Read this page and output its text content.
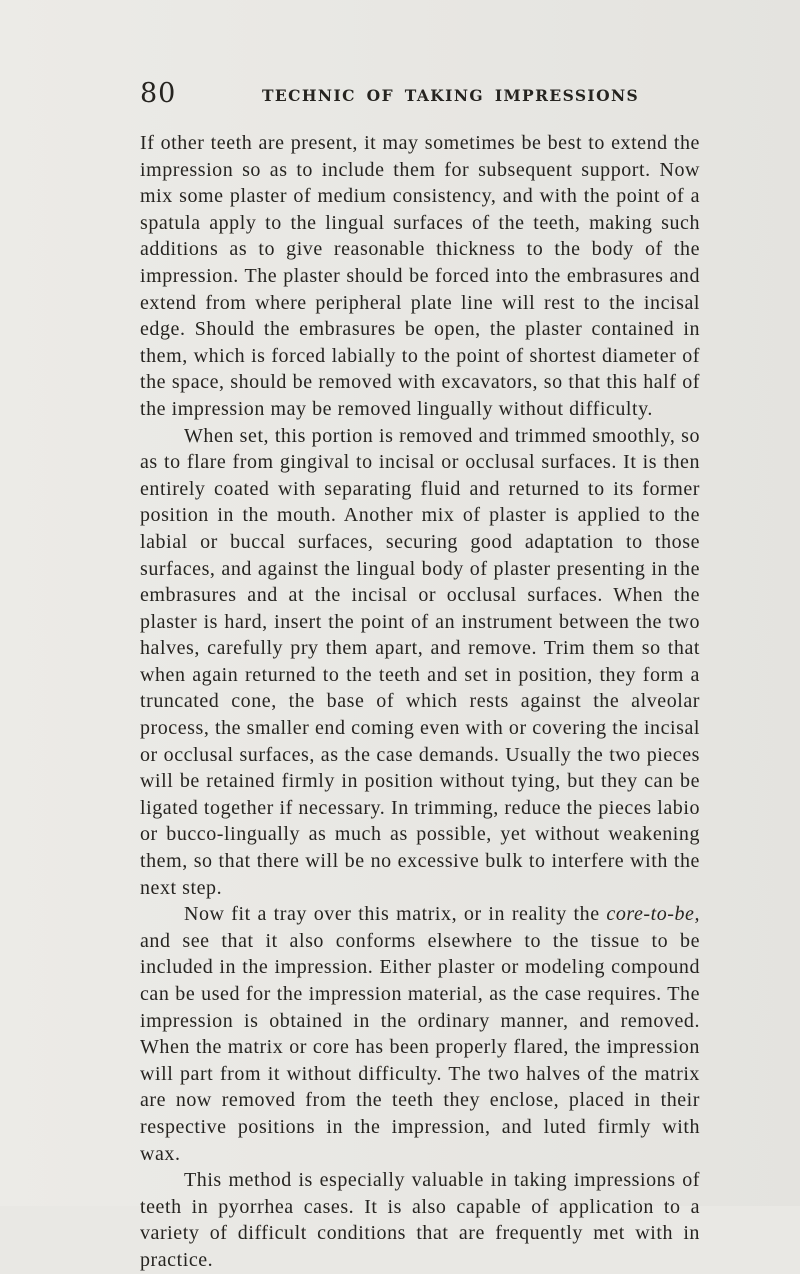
80	TECHNIC OF TAKING IMPRESSIONS

If other teeth are present, it may sometimes be best to extend the impression so as to include them for subsequent support. Now mix some plaster of medium consistency, and with the point of a spatula apply to the lingual surfaces of the teeth, making such additions as to give reasonable thickness to the body of the impression. The plaster should be forced into the embrasures and extend from where peripheral plate line will rest to the incisal edge. Should the embrasures be open, the plaster contained in them, which is forced labially to the point of shortest diameter of the space, should be removed with excavators, so that this half of the impression may be removed lingually without difficulty.

When set, this portion is removed and trimmed smoothly, so as to flare from gingival to incisal or occlusal surfaces. It is then entirely coated with separating fluid and returned to its former position in the mouth. Another mix of plaster is applied to the labial or buccal surfaces, securing good adaptation to those surfaces, and against the lingual body of plaster presenting in the embrasures and at the incisal or occlusal surfaces. When the plaster is hard, insert the point of an instrument between the two halves, carefully pry them apart, and remove. Trim them so that when again returned to the teeth and set in position, they form a truncated cone, the base of which rests against the alveolar process, the smaller end coming even with or covering the incisal or occlusal surfaces, as the case demands. Usually the two pieces will be retained firmly in position without tying, but they can be ligated together if necessary. In trimming, reduce the pieces labio or bucco-lingually as much as possible, yet without weakening them, so that there will be no excessive bulk to interfere with the next step.

Now fit a tray over this matrix, or in reality the core-to-be, and see that it also conforms elsewhere to the tissue to be included in the impression. Either plaster or modeling compound can be used for the impression material, as the case requires. The impression is obtained in the ordinary manner, and removed. When the matrix or core has been properly flared, the impression will part from it without difficulty. The two halves of the matrix are now removed from the teeth they enclose, placed in their respective positions in the impression, and luted firmly with wax.

This method is especially valuable in taking impressions of teeth in pyorrhea cases. It is also capable of application to a variety of difficult conditions that are frequently met with in practice.
